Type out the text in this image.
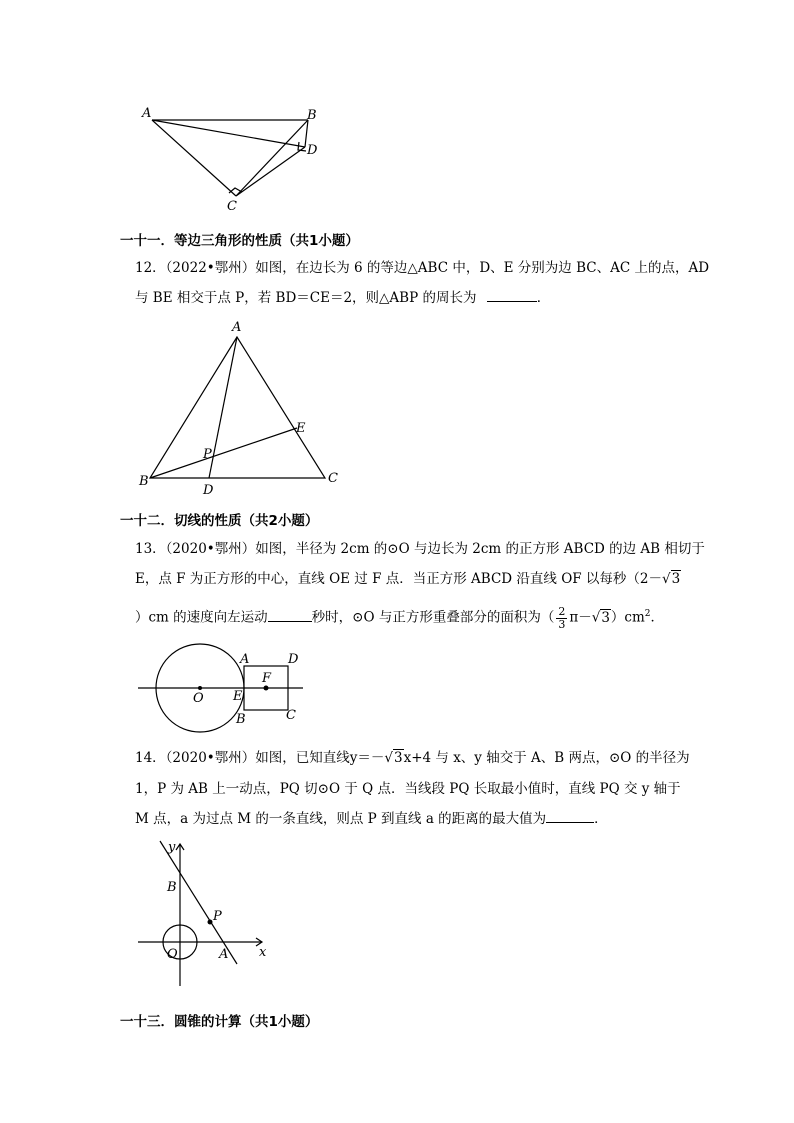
A	B
D
C
一十一．等边三角形的性质（共1小题）
12．（2022•鄂州）如图，在边长为 6 的等边△ABC 中，D、E 分别为边 BC、AC 上的点，AD
与 BE 相交于点 P，若 BD＝CE＝2，则△ABP 的周长为	．
A
E
P
B
D
C
一十二．切线的性质（共2小题）
13．（2020•鄂州）如图，半径为 2cm 的⊙O 与边长为 2cm 的正方形 ABCD 的边 AB 相切于
E，点 F 为正方形的中心，直线 OE 过 F 点．当正方形 ABCD 沿直线 OF 以每秒（2－√3
）cm 的速度向左运动	秒时，⊙O 与正方形重叠部分的面积为（ $\frac{2}{3} \pi-√3)cm^2$．
A	D
F
O E
B	C
14．（2020•鄂州）如图，已知直线y＝－√3x+4 与 x、y 轴交于 A、B 两点，⊙O 的半径为
1，P 为 AB 上一动点，PQ 切⊙O 于 Q 点．当线段 PQ 长取最小值时，直线 PQ 交 y 轴于
M 点，a 为过点 M 的一条直线，则点 P 到直线 a 的距离的最大值为	．
y
B
P
O	A x
一十三．圆锥的计算（共1小题）
